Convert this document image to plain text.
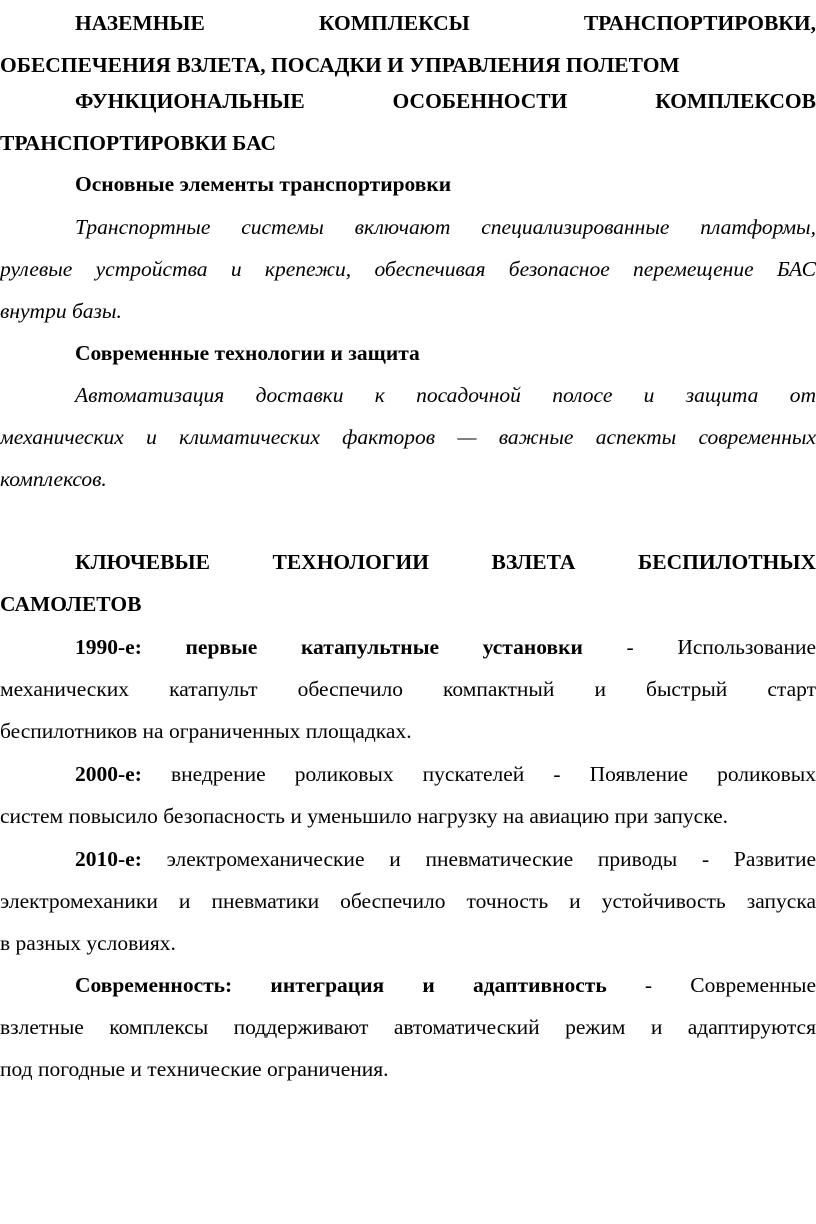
НАЗЕМНЫЕ КОМПЛЕКСЫ ТРАНСПОРТИРОВКИ,
ОБЕСПЕЧЕНИЯ ВЗЛЕТА, ПОСАДКИ И УПРАВЛЕНИЯ ПОЛЕТОМ
ФУНКЦИОНАЛЬНЫЕ ОСОБЕННОСТИ КОМПЛЕКСОВ
ТРАНСПОРТИРОВКИ БАС
Основные элементы транспортировки
Транспортные системы включают специализированные платформы,
рулевые устройства и крепежи, обеспечивая безопасное перемещение БАС
внутри базы.
Современные технологии и защита
Автоматизация доставки к посадочной полосе и защита от
механических и климатических факторов — важные аспекты современных
комплексов.
КЛЮЧЕВЫЕ ТЕХНОЛОГИИ ВЗЛЕТА БЕСПИЛОТНЫХ
САМОЛЕТОВ
1990-е: первые катапультные установки - Использование
механических катапульт обеспечило компактный и быстрый старт
беспилотников на ограниченных площадках.
2000-е: внедрение роликовых пускателей - Появление роликовых
систем повысило безопасность и уменьшило нагрузку на авиацию при запуске.
2010-е: электромеханические и пневматические приводы - Развитие
электромеханики и пневматики обеспечило точность и устойчивость запуска
в разных условиях.
Современность: интеграция и адаптивность - Современные
взлетные комплексы поддерживают автоматический режим и адаптируются
под погодные и технические ограничения.
